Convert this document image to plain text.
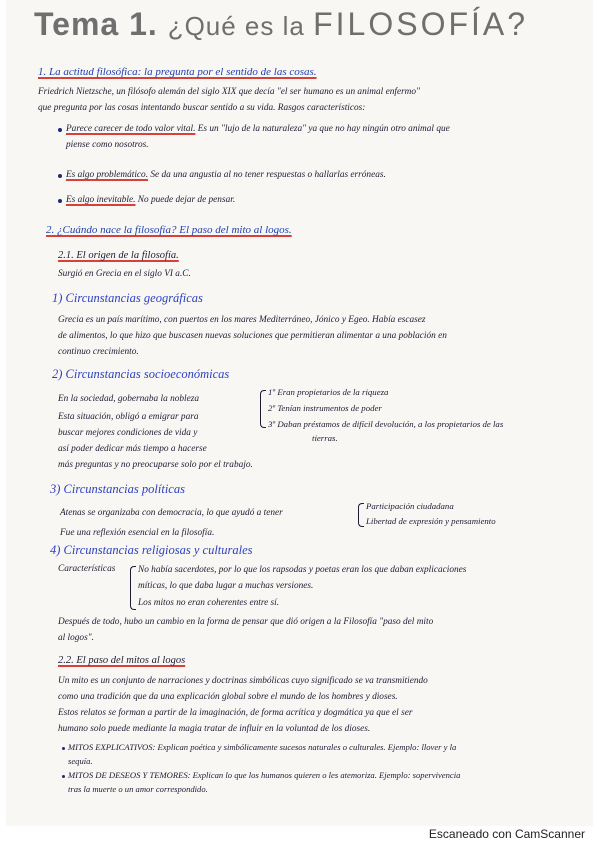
Tema 1. ¿Qué es la FILOSOFÍA?
1. La actitud filosófica: la pregunta por el sentido de las cosas.
Friedrich Nietzsche, un filósofo alemán del siglo XIX que decía "el ser humano es un animal enfermo"
que pregunta por las cosas intentando buscar sentido a su vida. Rasgos característicos:
Parece carecer de todo valor vital. Es un "lujo de la naturaleza" ya que no hay ningún otro animal que
piense como nosotros.
Es algo problemático. Se da una angustia al no tener respuestas o hallarlas erróneas.
Es algo inevitable. No puede dejar de pensar.
2. ¿Cuándo nace la filosofía? El paso del mito al logos.
2.1. El origen de la filosofía.
Surgió en Grecia en el siglo VI a.C.
1) Circunstancias geográficas
Grecia es un país marítimo, con puertos en los mares Mediterráneo, Jónico y Egeo. Había escasez
de alimentos, lo que hizo que buscasen nuevas soluciones que permitieran alimentar a una población en
continuo crecimiento.
2) Circunstancias socioeconómicas
En la sociedad, gobernaba la nobleza
1º Eran propietarios de la riqueza
2º Tenían instrumentos de poder
3º Daban préstamos de difícil devolución, a los propietarios de las
tierras.
Esta situación, obligó a emigrar para
buscar mejores condiciones de vida y
así poder dedicar más tiempo a hacerse
más preguntas y no preocuparse solo por el trabajo.
3) Circunstancias políticas
Atenas se organizaba con democracia, lo que ayudó a tener
Participación ciudadana
Libertad de expresión y pensamiento
Fue una reflexión esencial en la filosofía.
4) Circunstancias religiosas y culturales
Características No había sacerdotes, por lo que los rapsodas y poetas eran los que daban explicaciones
míticas, lo que daba lugar a muchas versiones.
Los mitos no eran coherentes entre sí.
Después de todo, hubo un cambio en la forma de pensar que dió origen a la Filosofía "paso del mito
al logos".
2.2. El paso del mitos al logos
Un mito es un conjunto de narraciones y doctrinas simbólicas cuyo significado se va transmitiendo
como una tradición que da una explicación global sobre el mundo de los hombres y dioses.
Estos relatos se forman a partir de la imaginación, de forma acrítica y dogmática ya que el ser
humano solo puede mediante la magia tratar de influir en la voluntad de los dioses.
MITOS EXPLICATIVOS: Explican poética y simbólicamente sucesos naturales o culturales. Ejemplo: llover y la
sequía.
MITOS DE DESEOS Y TEMORES: Explican lo que los humanos quieren o les atemoriza. Ejemplo: sopervivencia
tras la muerte o un amor correspondido.
Escaneado con CamScanner
